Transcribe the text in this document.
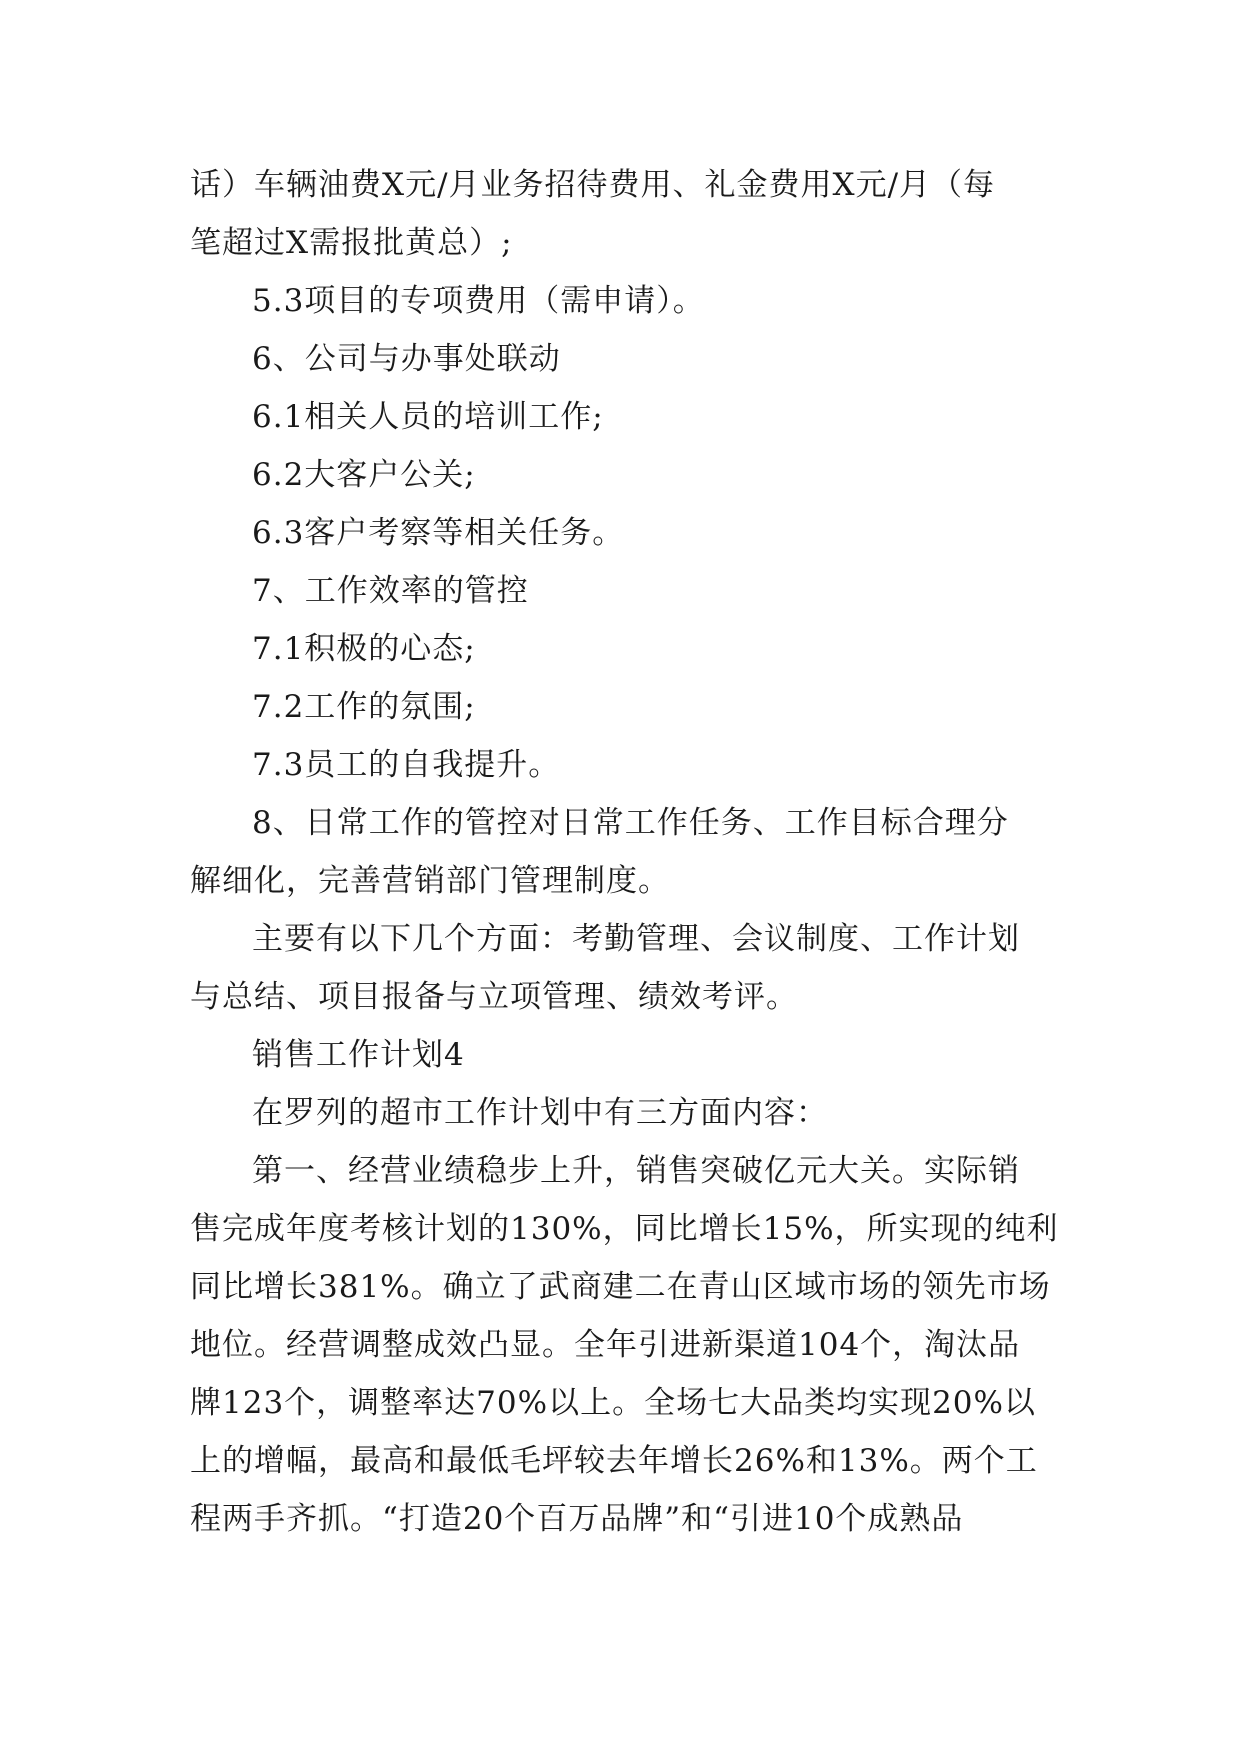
话）车辆油费X元/月业务招待费用、礼金费用X元/月（每
笔超过X需报批黄总）;
5.3项目的专项费用（需申请）。
6、公司与办事处联动
6.1相关人员的培训工作;
6.2大客户公关;
6.3客户考察等相关任务。
7、工作效率的管控
7.1积极的心态;
7.2工作的氛围;
7.3员工的自我提升。
8、日常工作的管控对日常工作任务、工作目标合理分
解细化，完善营销部门管理制度。
主要有以下几个方面：考勤管理、会议制度、工作计划
与总结、项目报备与立项管理、绩效考评。
销售工作计划4
在罗列的超市工作计划中有三方面内容：
第一、经营业绩稳步上升，销售突破亿元大关。实际销
售完成年度考核计划的130%，同比增长15%，所实现的纯利
同比增长381%。确立了武商建二在青山区域市场的领先市场
地位。经营调整成效凸显。全年引进新渠道104个，淘汰品
牌123个，调整率达70%以上。全场七大品类均实现20%以
上的增幅，最高和最低毛坪较去年增长26%和13%。两个工
程两手齐抓。“打造20个百万品牌”和“引进10个成熟品
